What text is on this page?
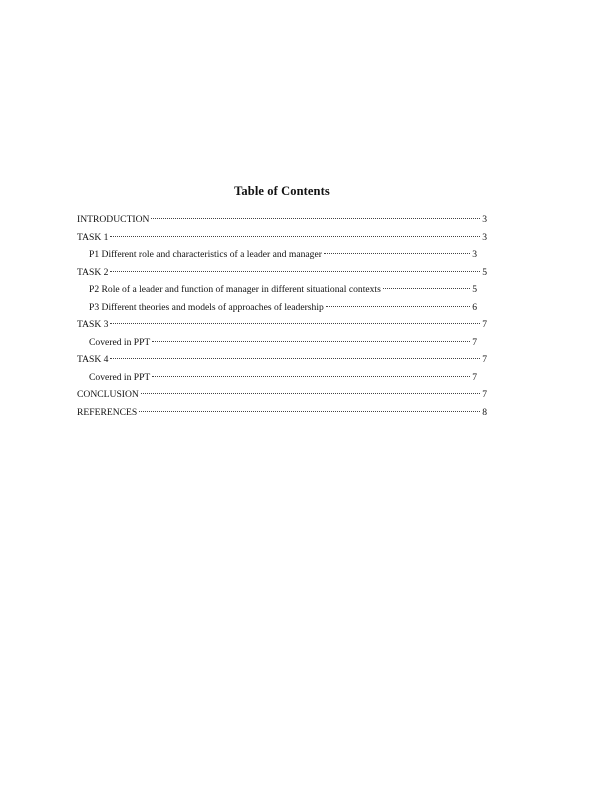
Table of Contents
INTRODUCTION	3
TASK 1	3
P1 Different role and characteristics of a leader and manager	3
TASK 2	5
P2 Role of a leader and function of manager in different situational contexts	5
P3 Different theories and models of approaches of leadership	6
TASK 3	7
Covered in PPT	7
TASK 4	7
Covered in PPT	7
CONCLUSION	7
REFERENCES	8
